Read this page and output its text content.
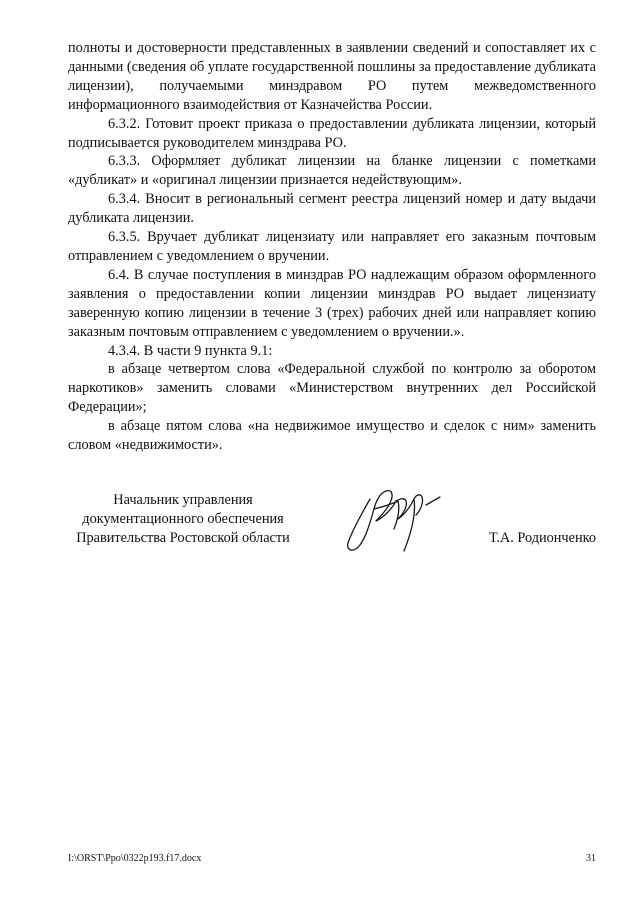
полноты и достоверности представленных в заявлении сведений и сопоставляет их с данными (сведения об уплате государственной пошлины за предоставление дубликата лицензии), получаемыми минздравом РО путем межведомственного информационного взаимодействия от Казначейства России.

6.3.2. Готовит проект приказа о предоставлении дубликата лицензии, который подписывается руководителем минздрава РО.

6.3.3. Оформляет дубликат лицензии на бланке лицензии с пометками «дубликат» и «оригинал лицензии признается недействующим».

6.3.4. Вносит в региональный сегмент реестра лицензий номер и дату выдачи дубликата лицензии.

6.3.5. Вручает дубликат лицензиату или направляет его заказным почтовым отправлением с уведомлением о вручении.

6.4. В случае поступления в минздрав РО надлежащим образом оформленного заявления о предоставлении копии лицензии минздрав РО выдает лицензиату заверенную копию лицензии в течение 3 (трех) рабочих дней или направляет копию заказным почтовым отправлением с уведомлением о вручении.».

4.3.4. В части 9 пункта 9.1:

в абзаце четвертом слова «Федеральной службой по контролю за оборотом наркотиков» заменить словами «Министерством внутренних дел Российской Федерации»;

в абзаце пятом слова «на недвижимое имущество и сделок с ним» заменить словом «недвижимости».

Начальник управления
документационного обеспечения
Правительства Ростовской области	Т.А. Родионченко
I:\ORST\Ppo\0322p193.f17.docx	31
